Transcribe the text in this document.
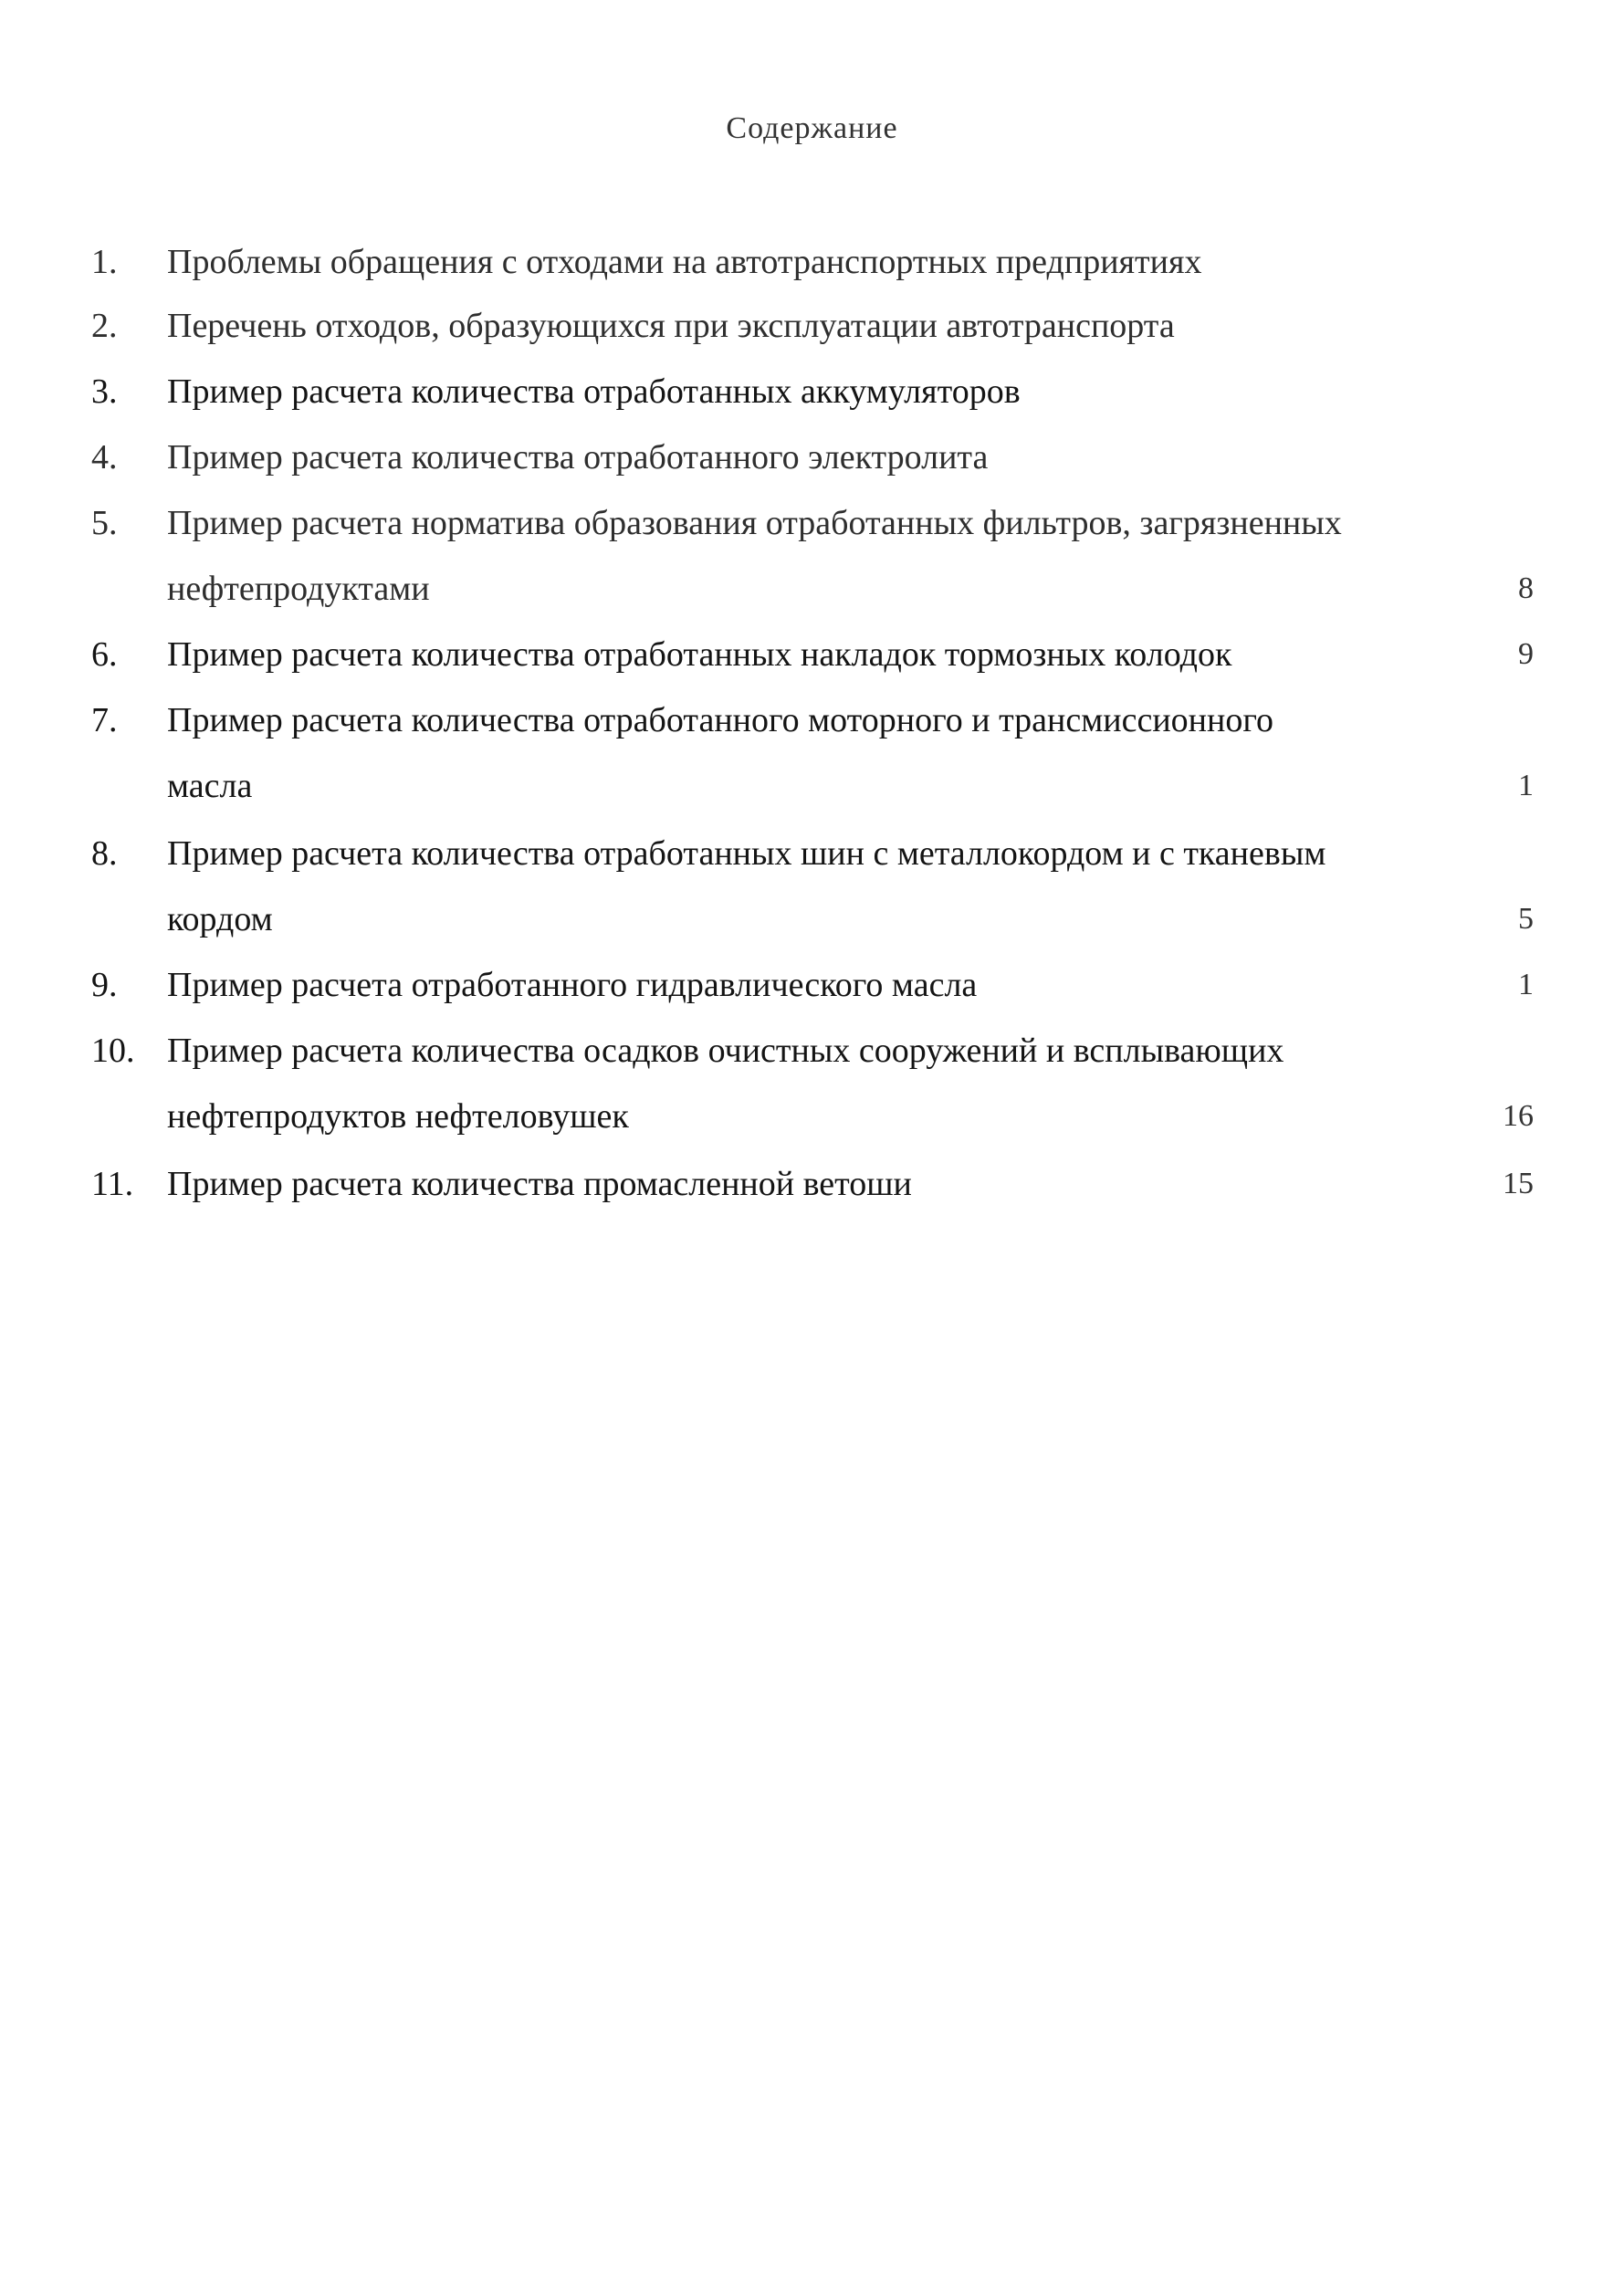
Содержание
1. Проблемы обращения с отходами на автотранспортных предприятиях
2. Перечень отходов, образующихся при эксплуатации автотранспорта
3. Пример расчета количества отработанных аккумуляторов
4. Пример расчета количества отработанного электролита
5. Пример расчета норматива образования отработанных фильтров, загрязненных
нефтепродуктами	8
6. Пример расчета количества отработанных накладок тормозных колодок	9
7. Пример расчета количества отработанного моторного и трансмиссионного
масла	1
8. Пример расчета количества отработанных шин с металлокордом и с тканевым
кордом	5
9. Пример расчета отработанного гидравлического масла	1
10. Пример расчета количества осадков очистных сооружений и всплывающих
нефтепродуктов нефтеловушек	16
11. Пример расчета количества промасленной ветоши	15
